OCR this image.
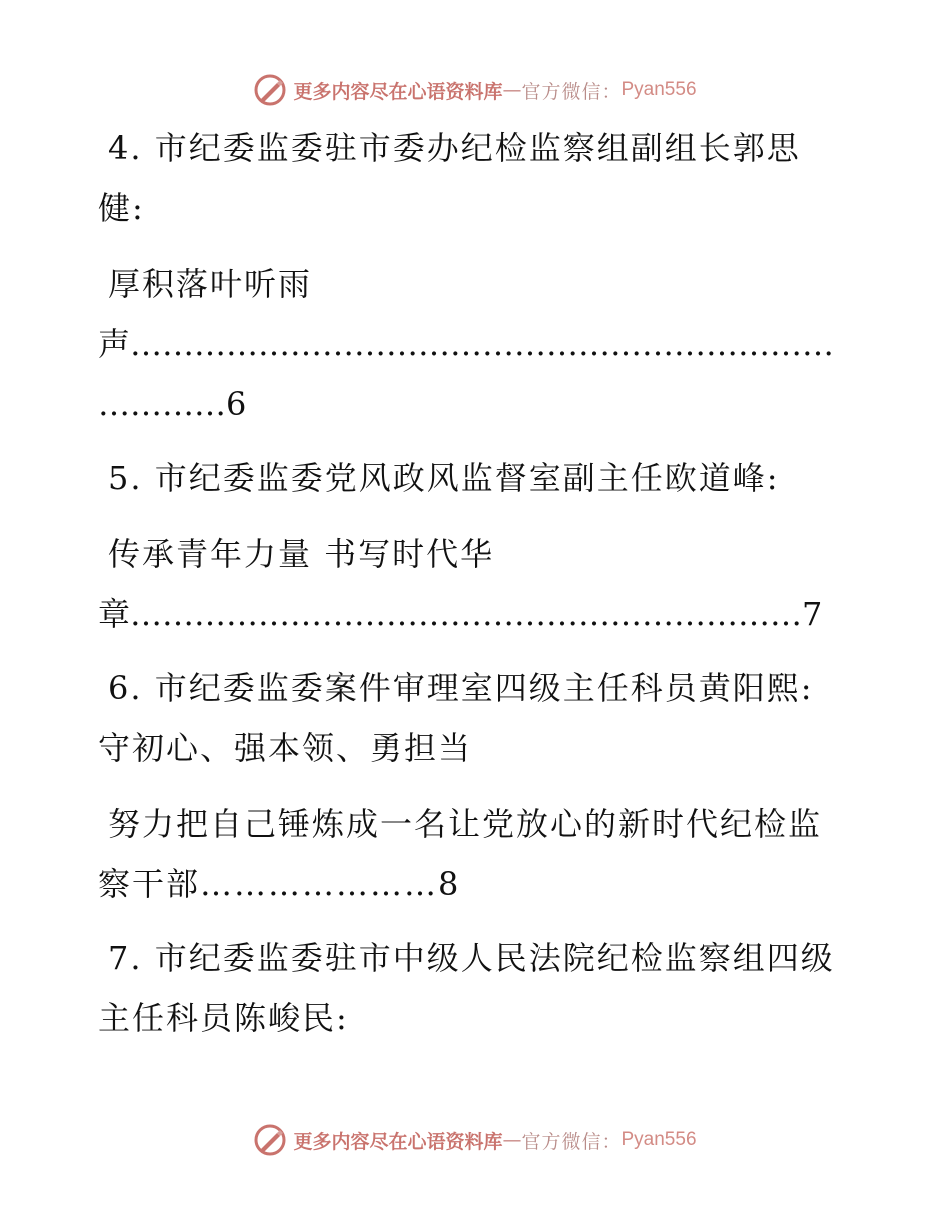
更多内容尽在心语资料库 — 官方微信： Pyan556
4. 市纪委监委驻市委办纪检监察组副组长郭思
健:
厚积落叶听雨
声…………………………………………………………
…………6
5. 市纪委监委党风政风监督室副主任欧道峰:
传承青年力量 书写时代华
章………………………………………………………7
6. 市纪委监委案件审理室四级主任科员黄阳熙:
守初心、强本领、勇担当
努力把自己锤炼成一名让党放心的新时代纪检监
察干部…………………8
7. 市纪委监委驻市中级人民法院纪检监察组四级
主任科员陈峻民:
更多内容尽在心语资料库 — 官方微信： Pyan556
